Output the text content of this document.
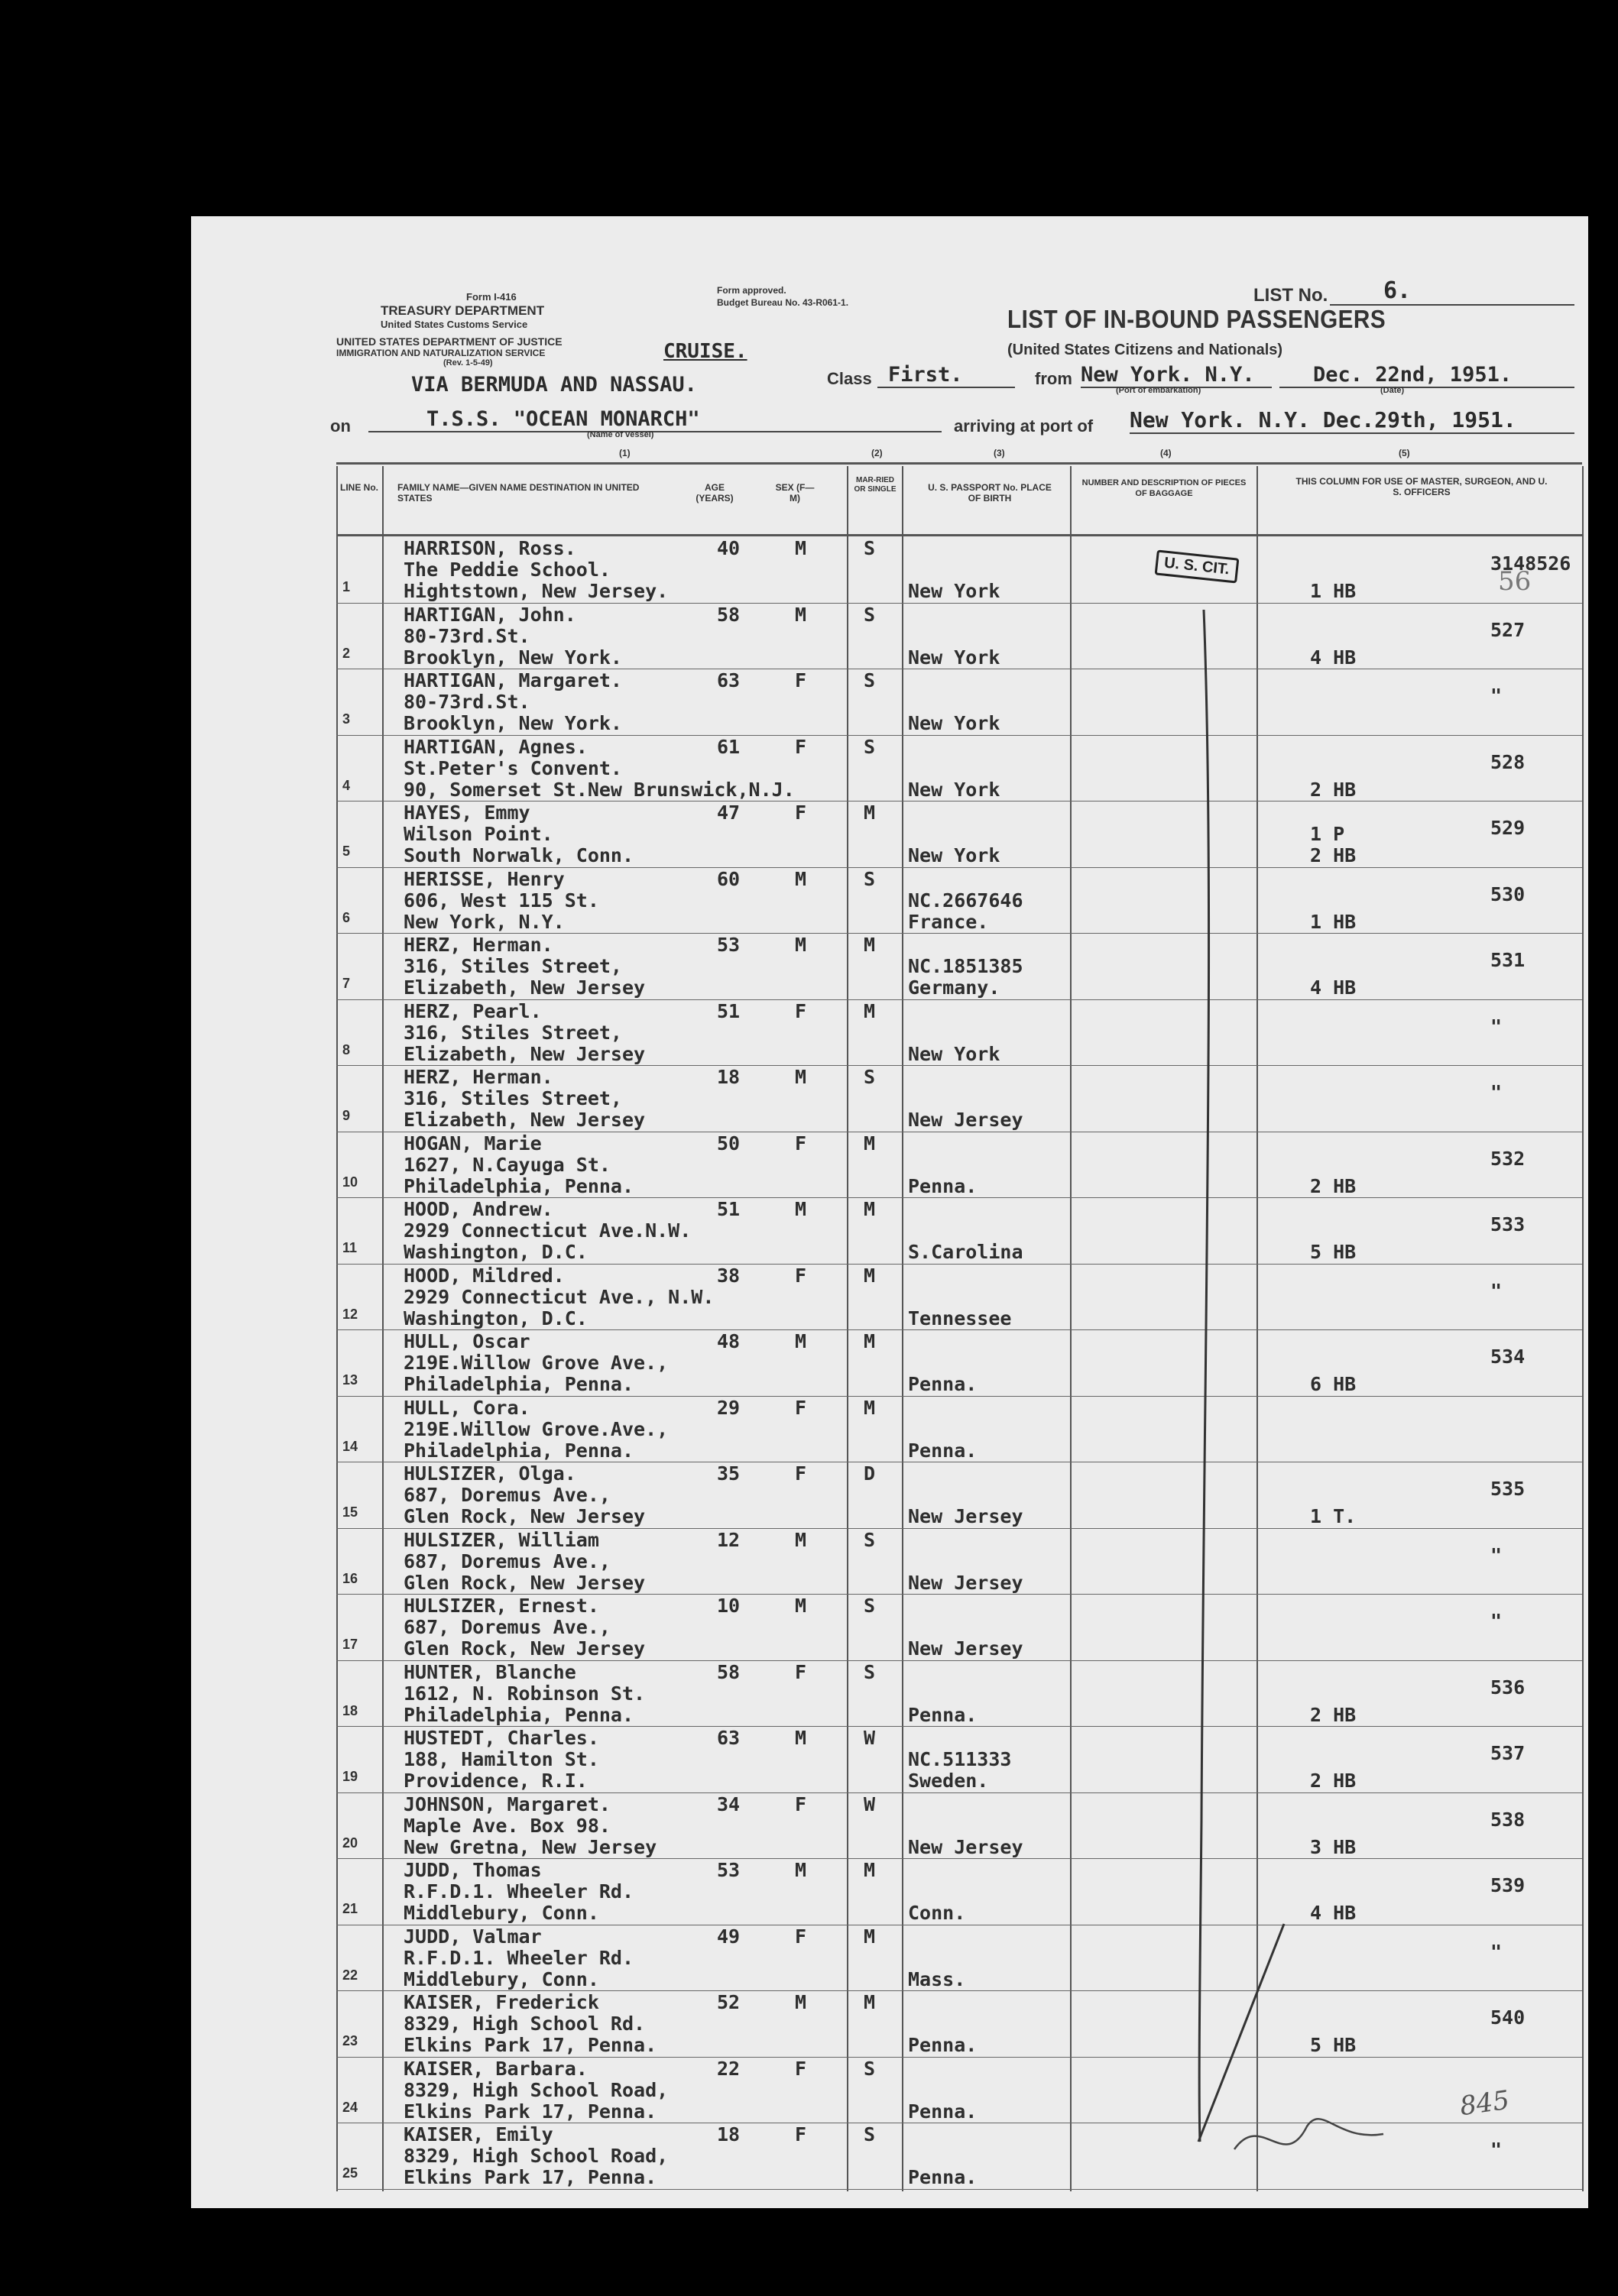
Form I-416
TREASURY DEPARTMENT
United States Customs Service
Form approved.
Budget Bureau No. 43-R061-1.
UNITED STATES DEPARTMENT OF JUSTICE
IMMIGRATION AND NATURALIZATION SERVICE
(Rev. 1-5-49)	CRUISE.
VIA BERMUDA AND NASSAU.
LIST No.	6.
LIST OF IN-BOUND PASSENGERS
(United States Citizens and Nationals)
Class First.	from New York. N.Y.
(Port of embarkation)
Dec. 22nd, 1951.
(Date)
on	T.S.S. "OCEAN MONARCH"
(Name of vessel)	arriving at port of New York. N.Y. Dec.29th, 1951.
(1)	(2)	(3)	(4)	(5)
LINE No. FAMILY NAME—GIVEN NAME DESTINATION IN UNITED STATES
AGE (YEARS)
SEX (F—M)
MAR-RIED OR SINGLE	U. S. PASSPORT No. PLACE OF BIRTH
NUMBER AND DESCRIPTION OF PIECES OF BAGGAGE
THIS COLUMN FOR USE OF MASTER, SURGEON, AND U. S. OFFICERS
1
HARRISON, Ross.
The Peddie School.
Hightstown, New Jersey.
40	M	S
New York	1 HB
3148526
2
HARTIGAN, John.
80-73rd.St.
Brooklyn, New York.
58	M	S
New York	4 HB
527
3
HARTIGAN, Margaret.
80-73rd.St.
Brooklyn, New York.
63	F	S
New York
"
4
HARTIGAN, Agnes.
St.Peter's Convent.
90, Somerset St.New Brunswick,N.J.
61	F	S
New York	2 HB
528
5
HAYES, Emmy
Wilson Point.
South Norwalk, Conn.
47	F	M
New York
1 P
2 HB
529
6
HERISSE, Henry
606, West 115 St.
New York, N.Y.
60	M	S
NC.2667646
France.	1 HB
530
7
HERZ, Herman.
316, Stiles Street,
Elizabeth, New Jersey
53	M	M
NC.1851385
Germany.	4 HB
531
8
HERZ, Pearl.
316, Stiles Street,
Elizabeth, New Jersey
51	F	M
New York
"
9
HERZ, Herman.
316, Stiles Street,
Elizabeth, New Jersey
18	M	S
New Jersey
"
10
HOGAN, Marie
1627, N.Cayuga St.
Philadelphia, Penna.
50	F	M
Penna.	2 HB
532
11
HOOD, Andrew.
2929 Connecticut Ave.N.W.
Washington, D.C.
51	M	M
S.Carolina	5 HB
533
12
HOOD, Mildred.
2929 Connecticut Ave., N.W.
Washington, D.C.
38	F	M
Tennessee
"
13
HULL, Oscar
219E.Willow Grove Ave.,
Philadelphia, Penna.
48	M	M
Penna.	6 HB
534
14
HULL, Cora.
219E.Willow Grove.Ave.,
Philadelphia, Penna.
29	F	M
Penna.
15
HULSIZER, Olga.
687, Doremus Ave.,
Glen Rock, New Jersey
35	F	D
New Jersey	1 T.
535
16
HULSIZER, William
687, Doremus Ave.,
Glen Rock, New Jersey
12	M	S
New Jersey
"
17
HULSIZER, Ernest.
687, Doremus Ave.,
Glen Rock, New Jersey
10	M	S
New Jersey
"
18
HUNTER, Blanche
1612, N. Robinson St.
Philadelphia, Penna.
58	F	S
Penna.	2 HB
536
19
HUSTEDT, Charles.
188, Hamilton St.
Providence, R.I.
63	M	W
NC.511333
Sweden.	2 HB
537
20
JOHNSON, Margaret.
Maple Ave. Box 98.
New Gretna, New Jersey
34	F	W
New Jersey	3 HB
538
21
JUDD, Thomas
R.F.D.1. Wheeler Rd.
Middlebury, Conn.
53	M	M
Conn.	4 HB
539
22
JUDD, Valmar
R.F.D.1. Wheeler Rd.
Middlebury, Conn.
49	F	M
Mass.
"
23
KAISER, Frederick
8329, High School Rd.
Elkins Park 17, Penna.
52	M	M
Penna.	5 HB
540
24
KAISER, Barbara.
8329, High School Road,
Elkins Park 17, Penna.
22	F	S
Penna.
25
KAISER, Emily
8329, High School Road,
Elkins Park 17, Penna.
18	F	S
Penna.
"
U. S. CIT.	56
845
